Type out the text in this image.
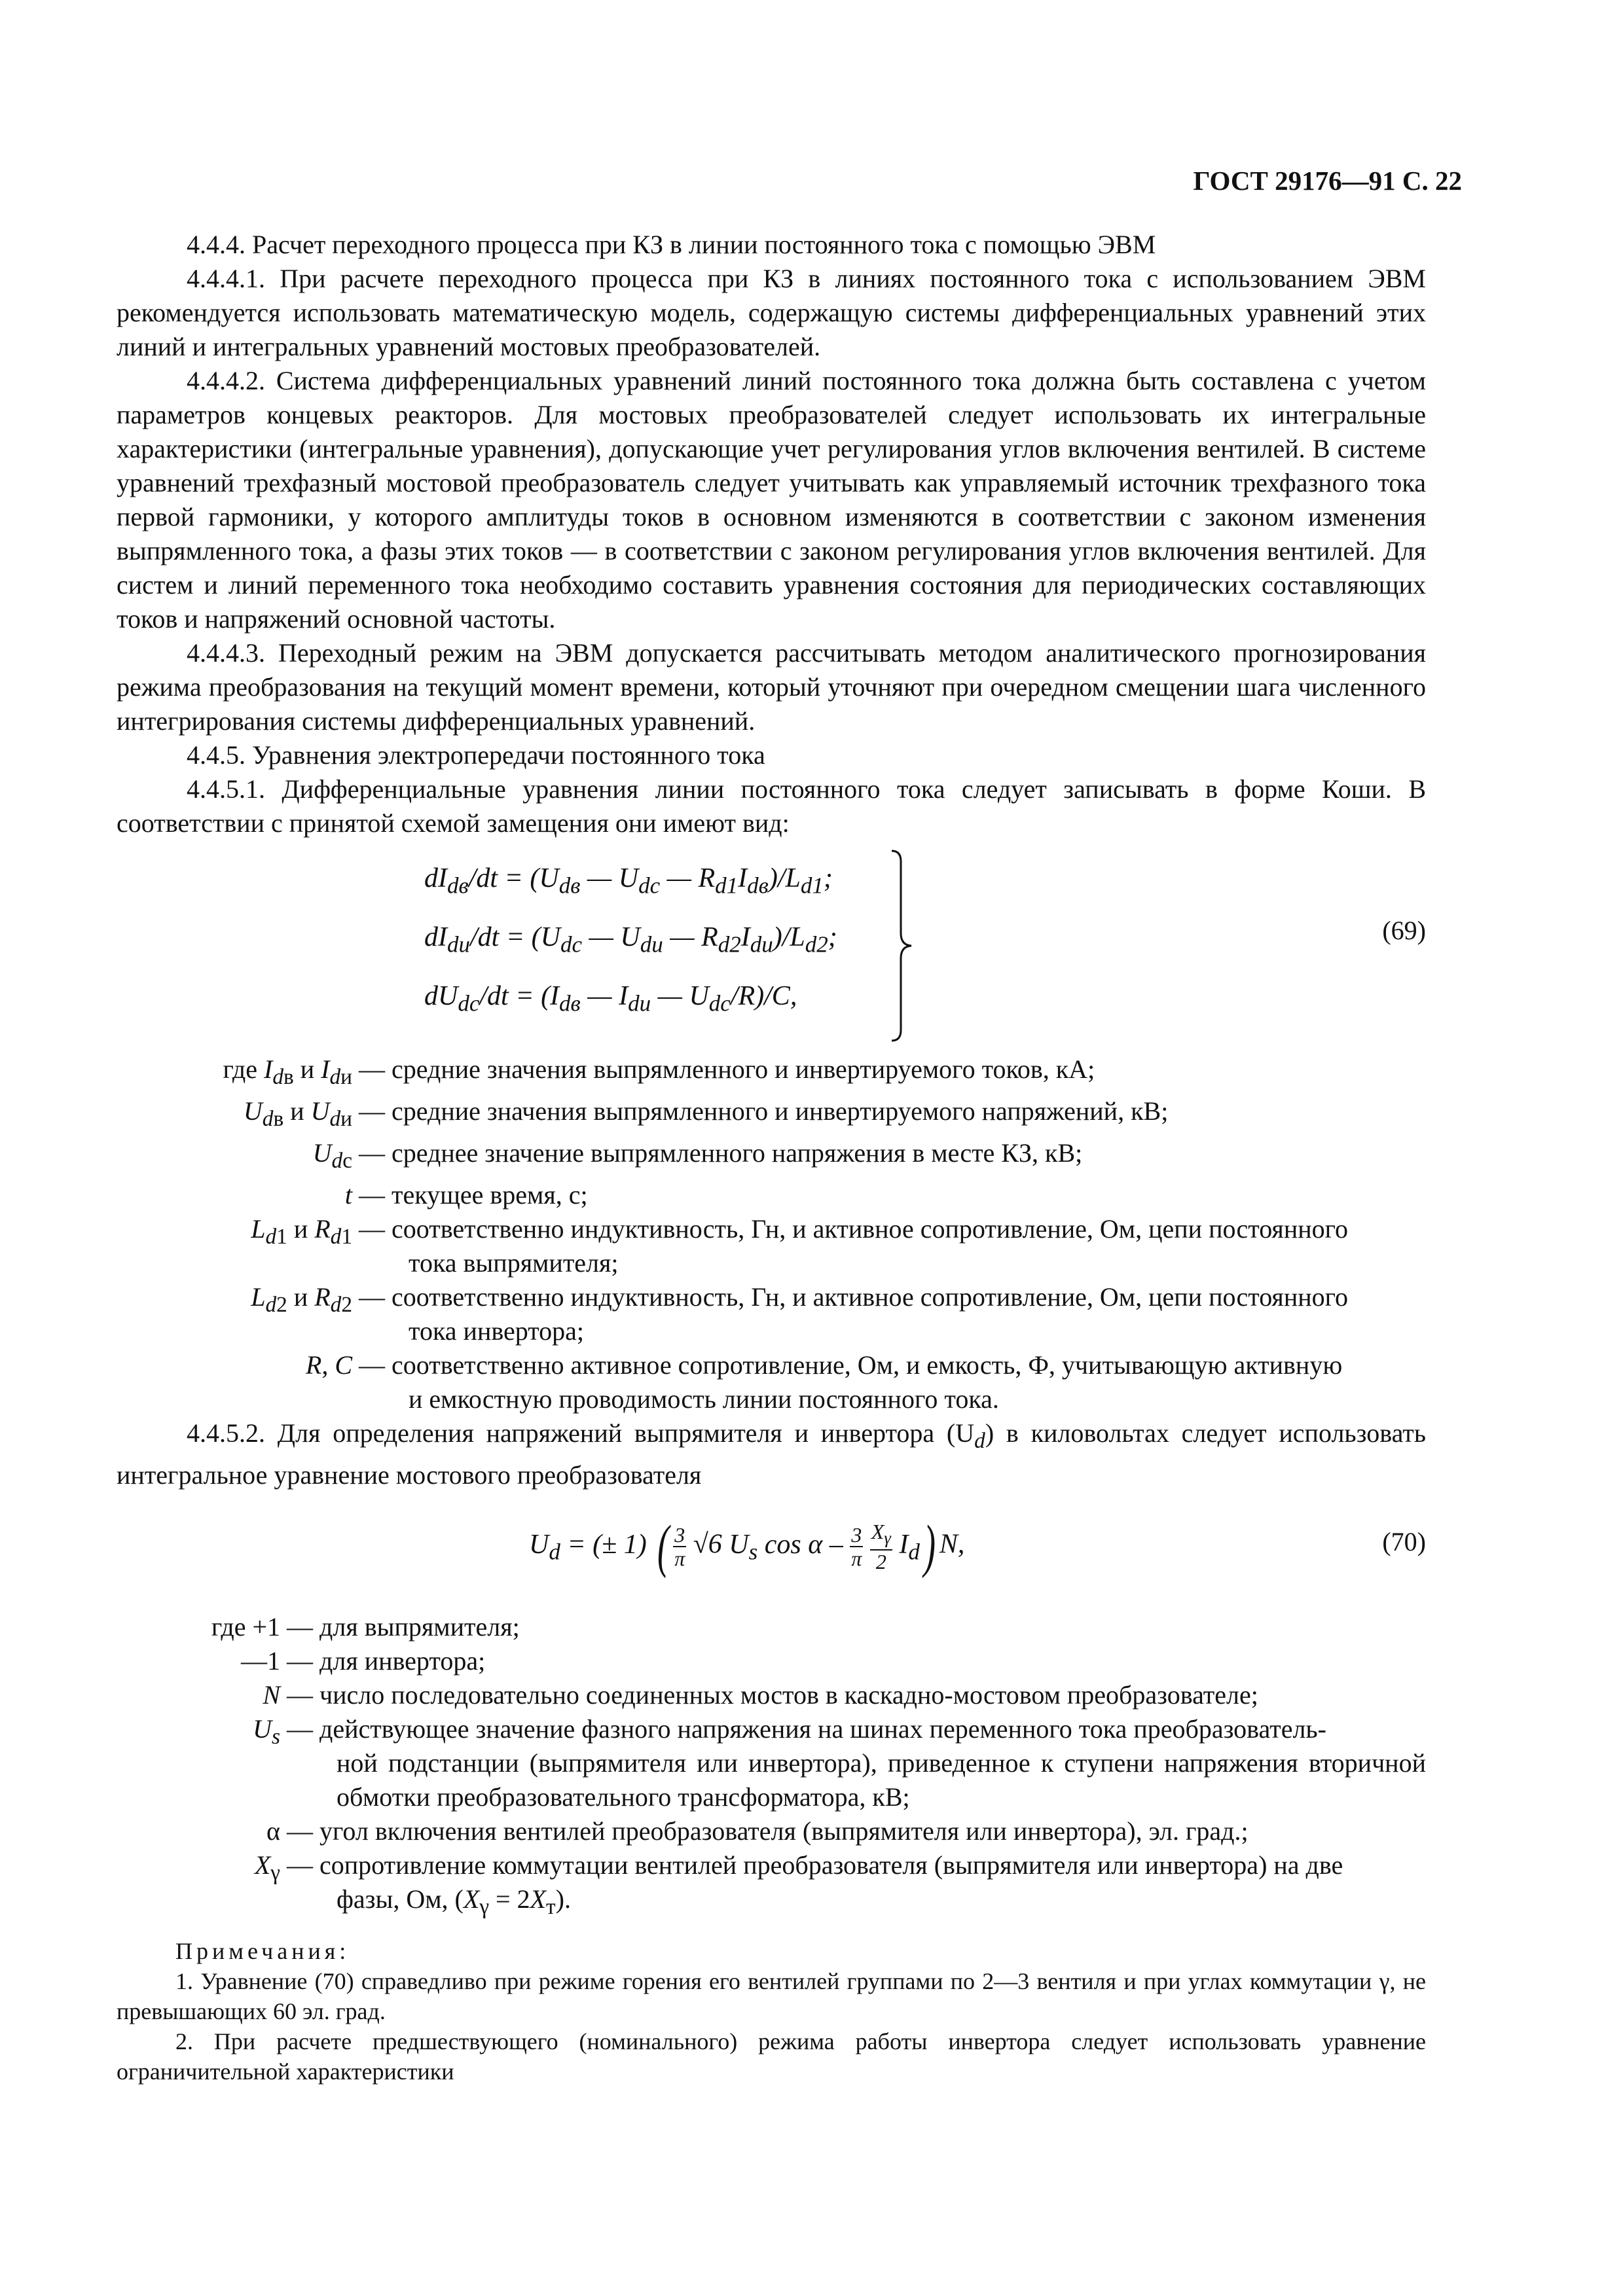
ГОСТ 29176—91 С. 22

4.4.4. Расчет переходного процесса при КЗ в линии постоянного тока с помощью ЭВМ

4.4.4.1. При расчете переходного процесса при КЗ в линиях постоянного тока с использованием ЭВМ рекомендуется использовать математическую модель, содержащую системы дифференциальных уравнений этих линий и интегральных уравнений мостовых преобразователей.

4.4.4.2. Система дифференциальных уравнений линий постоянного тока должна быть составлена с учетом параметров концевых реакторов. Для мостовых преобразователей следует использовать их интегральные характеристики (интегральные уравнения), допускающие учет регулирования углов включения вентилей. В системе уравнений трехфазный мостовой преобразователь следует учитывать как управляемый источник трехфазного тока первой гармоники, у которого амплитуды токов в основном изменяются в соответствии с законом изменения выпрямленного тока, а фазы этих токов — в соответствии с законом регулирования углов включения вентилей. Для систем и линий переменного тока необходимо составить уравнения состояния для периодических составляющих токов и напряжений основной частоты.

4.4.4.3. Переходный режим на ЭВМ допускается рассчитывать методом аналитического прогнозирования режима преобразования на текущий момент времени, который уточняют при очередном смещении шага численного интегрирования системы дифференциальных уравнений.

4.4.5. Уравнения электропередачи постоянного тока

4.4.5.1. Дифференциальные уравнения линии постоянного тока следует записывать в форме Коши. В соответствии с принятой схемой замещения они имеют вид:

$dI_{dв}/dt = (U_{dв}$ — $U_{dc}$ — $R_{d1}I_{dв})/L_{d1}$;
$dI_{dи}/dt = (U_{dc}$ — $U_{dи}$ — $R_{d2}I_{dи})/L_{d2}$;
$dU_{dc}/dt = (I_{dв}$ — $I_{dи}$ — $U_{dc}/R)/C$,
(69)
где $I_{dв}$ и $I_{dи}$ — средние значения выпрямленного и инвертируемого токов, кА;
$U_{dв}$ и $U_{dи}$ — средние значения выпрямленного и инвертируемого напряжений, кВ;
$U_{dc}$ — среднее значение выпрямленного напряжения в месте КЗ, кВ;
t — текущее время, с;
$L_{d1}$ и $R_{d1}$ — соответственно индуктивность, Гн, и активное сопротивление, Ом, цепи постоянного
тока выпрямителя;
$L_{d2}$ и $R_{d2}$ — соответственно индуктивность, Гн, и активное сопротивление, Ом, цепи постоянного
тока инвертора;
R, C — соответственно активное сопротивление, Ом, и емкость, Ф, учитывающую активную
и емкостную проводимость линии постоянного тока.

4.4.5.2. Для определения напряжений выпрямителя и инвертора $(U_d)$ в киловольтах следует использовать интегральное уравнение мостового преобразователя

$U_d$ = (± 1) ( $\frac{3}{\pi} √6$ $U_s$ cos α – $\frac{3}{\pi}$
$\frac{X_\gamma}{2} I_d$) N,	(70)
где +1 — для выпрямителя;
—1 — для инвертора;
N — число последовательно соединенных мостов в каскадно-мостовом преобразователе;
$U_s$ — действующее значение фазного напряжения на шинах переменного тока преобразователь-
ной подстанции (выпрямителя или инвертора), приведенное к ступени напряжения вторичной обмотки преобразовательного трансформатора, кВ;
α — угол включения вентилей преобразователя (выпрямителя или инвертора), эл. град.;
$X_\gamma$ — сопротивление коммутации вентилей преобразователя (выпрямителя или инвертора) на две
фазы, Ом, $(X_\gamma = 2X_т)$.

Примечания:

1. Уравнение (70) справедливо при режиме горения его вентилей группами по 2—3 вентиля и при углах коммутации γ, не превышающих 60 эл. град.

2. При расчете предшествующего (номинального) режима работы инвертора следует использовать уравнение ограничительной характеристики
